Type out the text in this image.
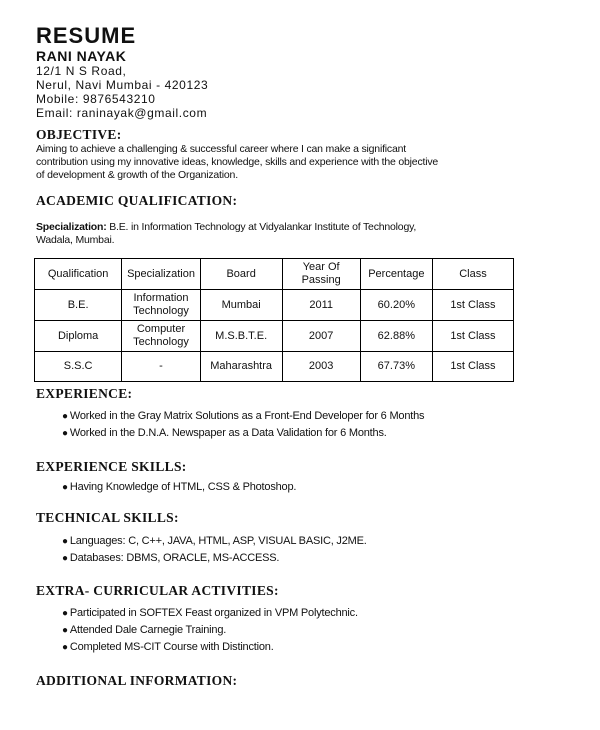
RESUME
RANI NAYAK
12/1 N S Road,
Nerul, Navi Mumbai - 420123
Mobile: 9876543210
Email: raninayak@gmail.com
OBJECTIVE:
Aiming to achieve a challenging & successful career where I can make a significant
contribution using my innovative ideas, knowledge, skills and experience with the objective
of development & growth of the Organization.
ACADEMIC QUALIFICATION:
Specialization: B.E. in Information Technology at Vidyalankar Institute of Technology,
Wadala, Mumbai.
Qualification	Specialization	Board	Year Of Passing	Percentage	Class
B.E.	Information Technology	Mumbai	2011	60.20%	1st Class
Diploma	Computer Technology	M.S.B.T.E.	2007	62.88%	1st Class
S.S.C	-	Maharashtra	2003	67.73%	1st Class
EXPERIENCE:
● Worked in the Gray Matrix Solutions as a Front-End Developer for 6 Months
● Worked in the D.N.A. Newspaper as a Data Validation for 6 Months.
EXPERIENCE SKILLS:
● Having Knowledge of HTML, CSS & Photoshop.
TECHNICAL SKILLS:
● Languages: C, C++, JAVA, HTML, ASP, VISUAL BASIC, J2ME.
● Databases: DBMS, ORACLE, MS-ACCESS.
EXTRA- CURRICULAR ACTIVITIES:
● Participated in SOFTEX Feast organized in VPM Polytechnic.
● Attended Dale Carnegie Training.
● Completed MS-CIT Course with Distinction.
ADDITIONAL INFORMATION:
